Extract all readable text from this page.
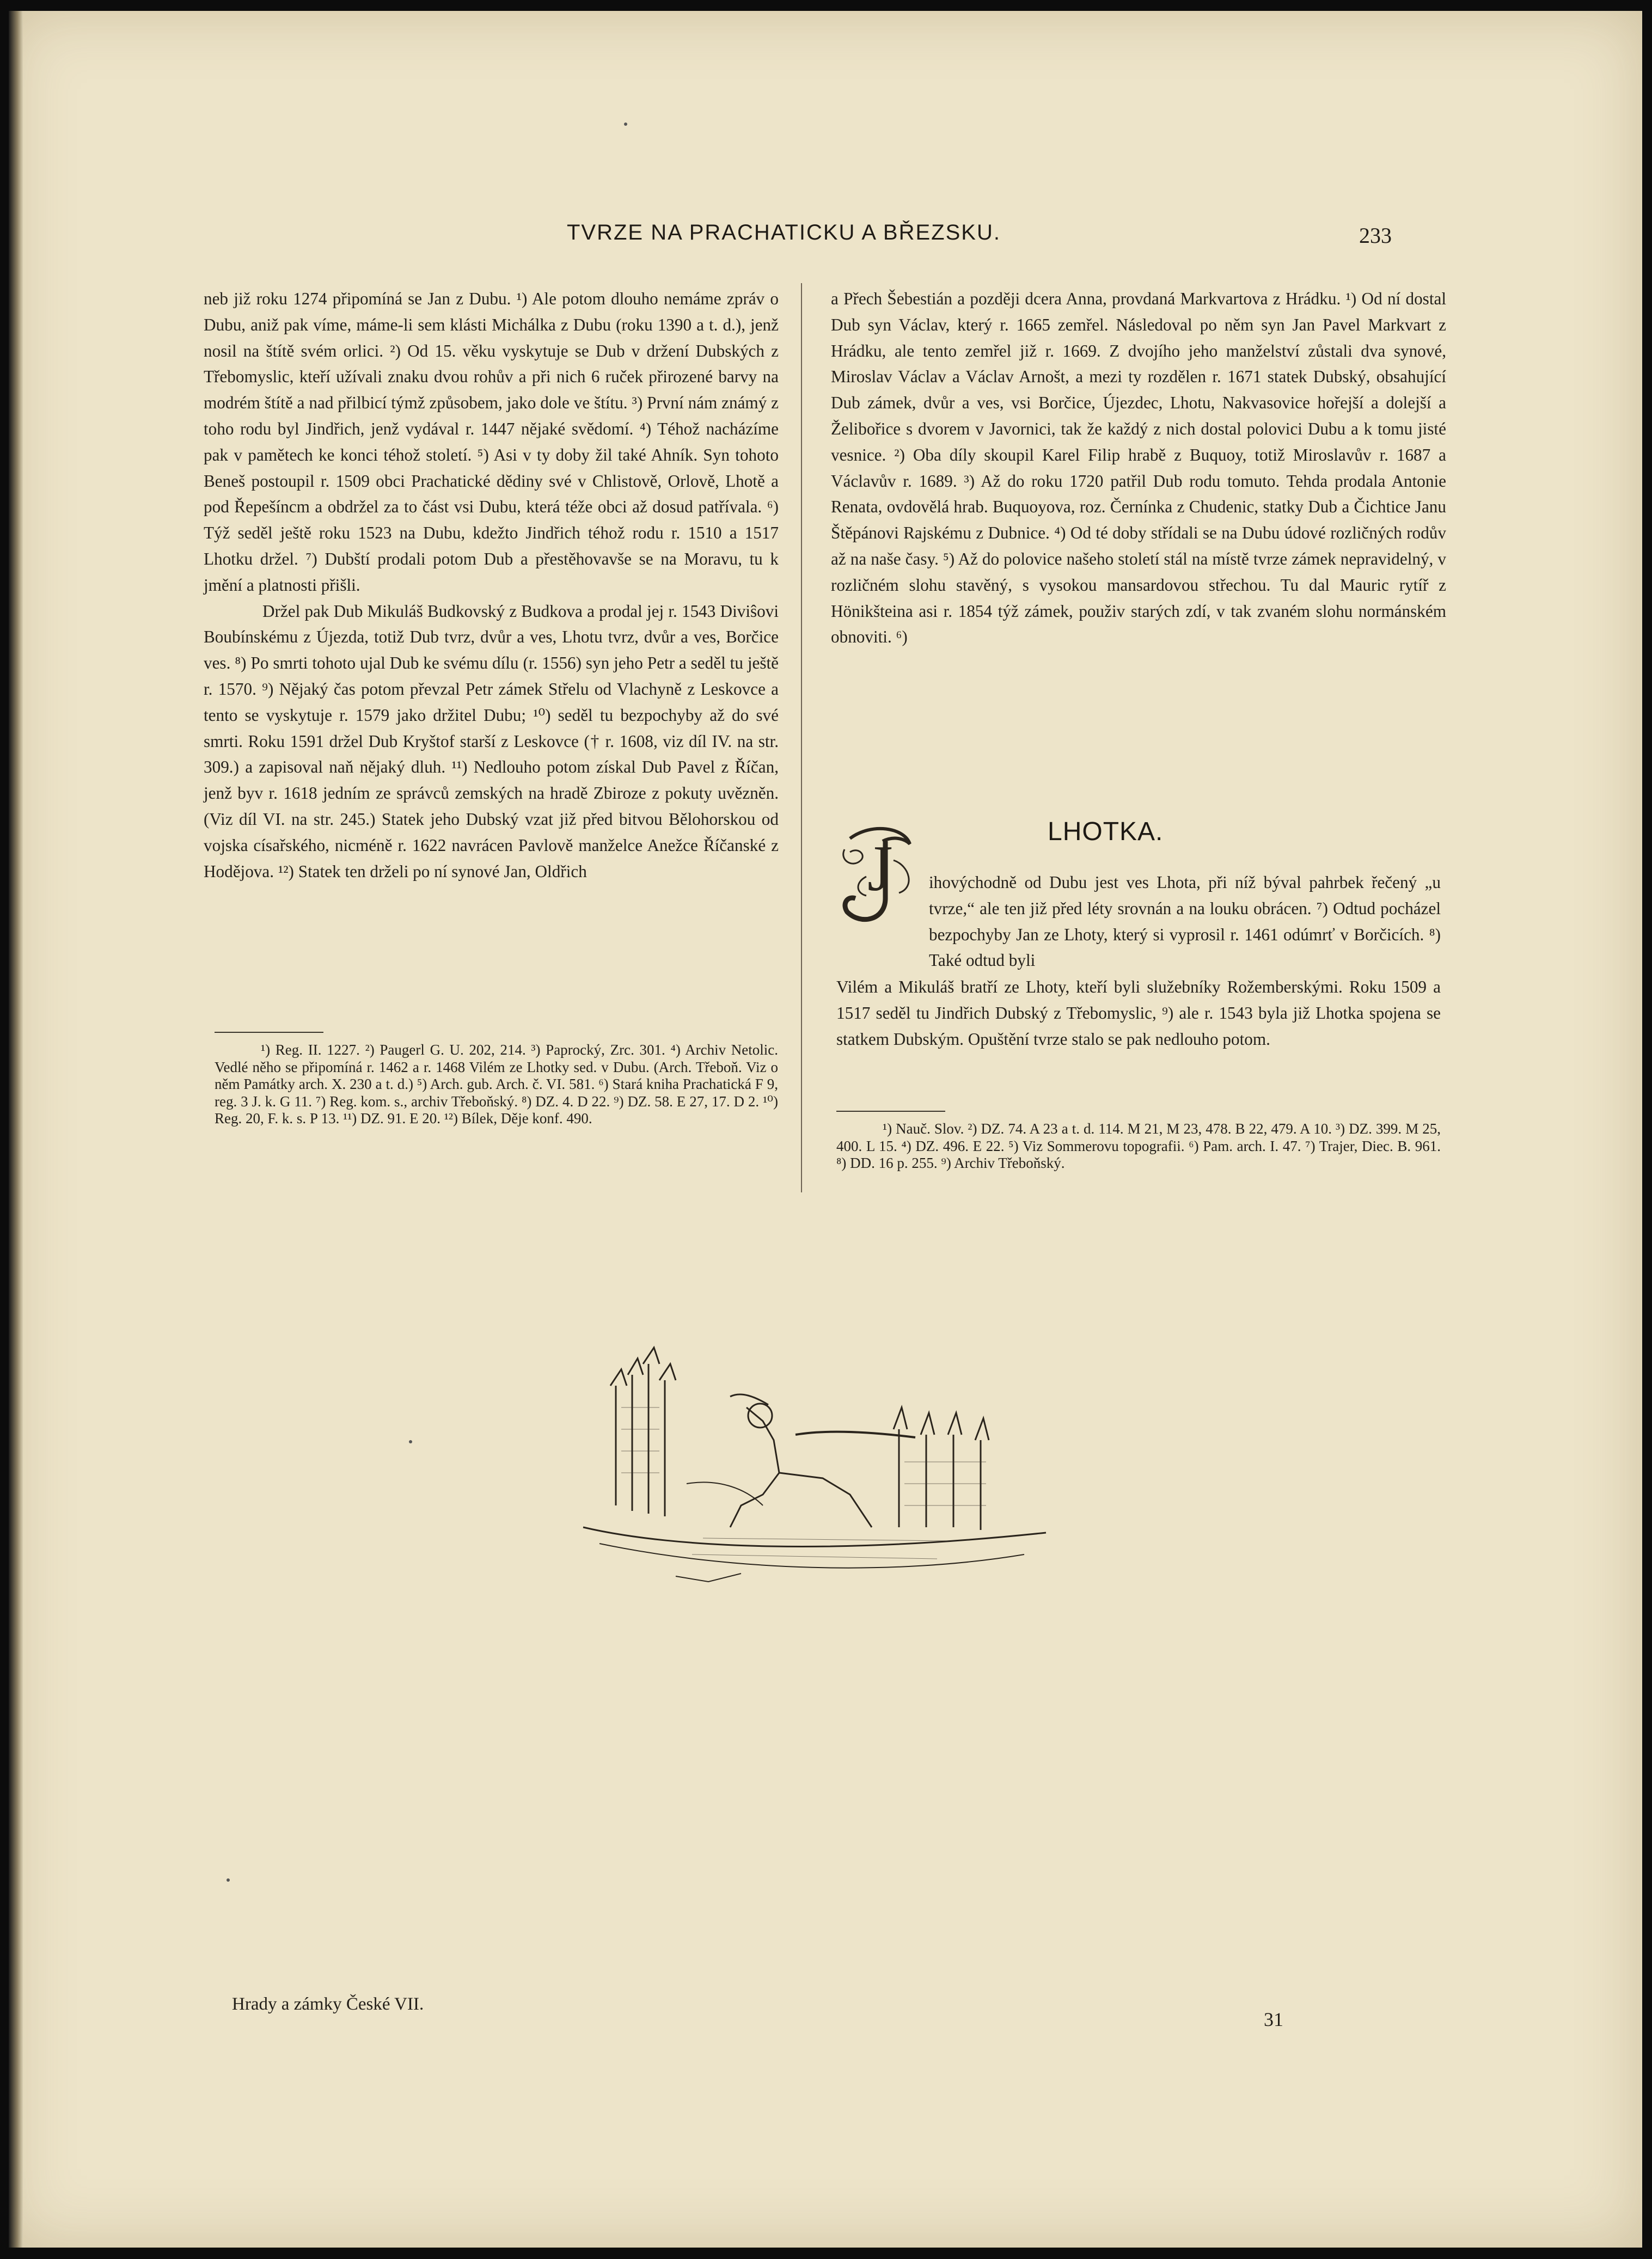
TVRZE NA PRACHATICKU A BŘEZSKU.	233

neb již roku 1274 připomíná se Jan z Dubu. ¹) Ale potom dlouho nemáme zpráv o Dubu, aniž pak víme, máme-li sem klásti Michálka z Dubu (roku 1390 a t. d.), jenž nosil na štítě svém orlici. ²) Od 15. věku vyskytuje se Dub v držení Dubských z Třebomyslic, kteří užívali znaku dvou rohův a při nich 6 ruček přirozené barvy na modrém štítě a nad přilbicí týmž způsobem, jako dole ve štítu. ³) První nám známý z toho rodu byl Jindřich, jenž vydával r. 1447 nějaké svědomí. ⁴) Téhož nacházíme pak v pamětech ke konci téhož století. ⁵) Asi v ty doby žil také Ahník. Syn tohoto Beneš postoupil r. 1509 obci Prachatické dědiny své v Chlistově, Orlově, Lhotě a pod Řepešíncm a obdržel za to část vsi Dubu, která téže obci až dosud patřívala. ⁶) Týž seděl ještě roku 1523 na Dubu, kdežto Jindřich téhož rodu r. 1510 a 1517 Lhotku držel. ⁷) Dubští prodali potom Dub a přestěhovavše se na Moravu, tu k jmění a platnosti přišli.

Držel pak Dub Mikuláš Budkovský z Budkova a prodal jej r. 1543 Diviŝovi Boubínskému z Újezda, totiž Dub tvrz, dvůr a ves, Lhotu tvrz, dvůr a ves, Borčice ves. ⁸) Po smrti tohoto ujal Dub ke svému dílu (r. 1556) syn jeho Petr a seděl tu ještě r. 1570. ⁹) Nějaký čas potom převzal Petr zámek Střelu od Vlachyně z Leskovce a tento se vyskytuje r. 1579 jako držitel Dubu; ¹⁰) seděl tu bezpochyby až do své smrti. Roku 1591 držel Dub Kryštof starší z Leskovce († r. 1608, viz díl IV. na str. 309.) a zapisoval naň nějaký dluh. ¹¹) Nedlouho potom získal Dub Pavel z Říčan, jenž byv r. 1618 jedním ze správců zemských na hradě Zbiroze z pokuty uvězněn. (Viz díl VI. na str. 245.) Statek jeho Dubský vzat již před bitvou Bělohorskou od vojska císařského, nicméně r. 1622 navrácen Pavlově manželce Anežce Říčanské z Hodějova. ¹²) Statek ten drželi po ní synové Jan, Oldřich

¹) Reg. II. 1227. ²) Paugerl G. U. 202, 214. ³) Paprocký, Zrc. 301. ⁴) Archiv Netolic. Vedlé něho se připomíná r. 1462 a r. 1468 Vilém ze Lhotky sed. v Dubu. (Arch. Třeboň. Viz o něm Památky arch. X. 230 a t. d.) ⁵) Arch. gub. Arch. č. VI. 581. ⁶) Stará kniha Prachatická F 9, reg. 3 J. k. G 11. ⁷) Reg. kom. s., archiv Třeboňský. ⁸) DZ. 4. D 22. ⁹) DZ. 58. E 27, 17. D 2. ¹⁰) Reg. 20, F. k. s. P 13. ¹¹) DZ. 91. E 20. ¹²) Bílek, Děje konf. 490.

a Přech Šebestián a později dcera Anna, provdaná Markvartova z Hrádku. ¹) Od ní dostal Dub syn Václav, který r. 1665 zemřel. Následoval po něm syn Jan Pavel Markvart z Hrádku, ale tento zemřel již r. 1669. Z dvojího jeho manželství zůstali dva synové, Miroslav Václav a Václav Arnošt, a mezi ty rozdělen r. 1671 statek Dubský, obsahující Dub zámek, dvůr a ves, vsi Borčice, Újezdec, Lhotu, Nakvasovice hořejší a dolejší a Želibořice s dvorem v Javornici, tak že každý z nich dostal polovici Dubu a k tomu jisté vesnice. ²) Oba díly skoupil Karel Filip hrabě z Buquoy, totiž Miroslavův r. 1687 a Václavův r. 1689. ³) Až do roku 1720 patřil Dub rodu tomuto. Tehda prodala Antonie Renata, ovdovělá hrab. Buquoyova, roz. Černínka z Chudenic, statky Dub a Čichtice Janu Štěpánovi Rajskému z Dubnice. ⁴) Od té doby střídali se na Dubu údové rozličných rodův až na naše časy. ⁵) Až do polovice našeho století stál na místě tvrze zámek nepravidelný, v rozličném slohu stavěný, s vysokou mansardovou střechou. Tu dal Mauric rytíř z Hönikšteina asi r. 1854 týž zámek, použiv starých zdí, v tak zvaném slohu normánském obnoviti. ⁶)

LHOTKA.
J ihovýchodně od Dubu jest ves Lhota, při níž býval pahrbek řečený „u tvrze,“ ale ten již před léty srovnán a na louku obrácen. ⁷) Odtud pocházel bezpochyby Jan ze Lhoty, který si vyprosil r. 1461 odúmrť v Borčicích. ⁸) Také odtud byli
Vilém a Mikuláš bratří ze Lhoty, kteří byli služebníky Rožemberskými. Roku 1509 a 1517 seděl tu Jindřich Dubský z Třebomyslic, ⁹) ale r. 1543 byla již Lhotka spojena se statkem Dubským. Opuštění tvrze stalo se pak nedlouho potom.
¹) Nauč. Slov. ²) DZ. 74. A 23 a t. d. 114. M 21, M 23, 478. B 22, 479. A 10. ³) DZ. 399. M 25, 400. L 15. ⁴) DZ. 496. E 22. ⁵) Viz Sommerovu topografii. ⁶) Pam. arch. I. 47. ⁷) Trajer, Diec. B. 961. ⁸) DD. 16 p. 255. ⁹) Archiv Třeboňský.
Hrady a zámky České VII.
31
